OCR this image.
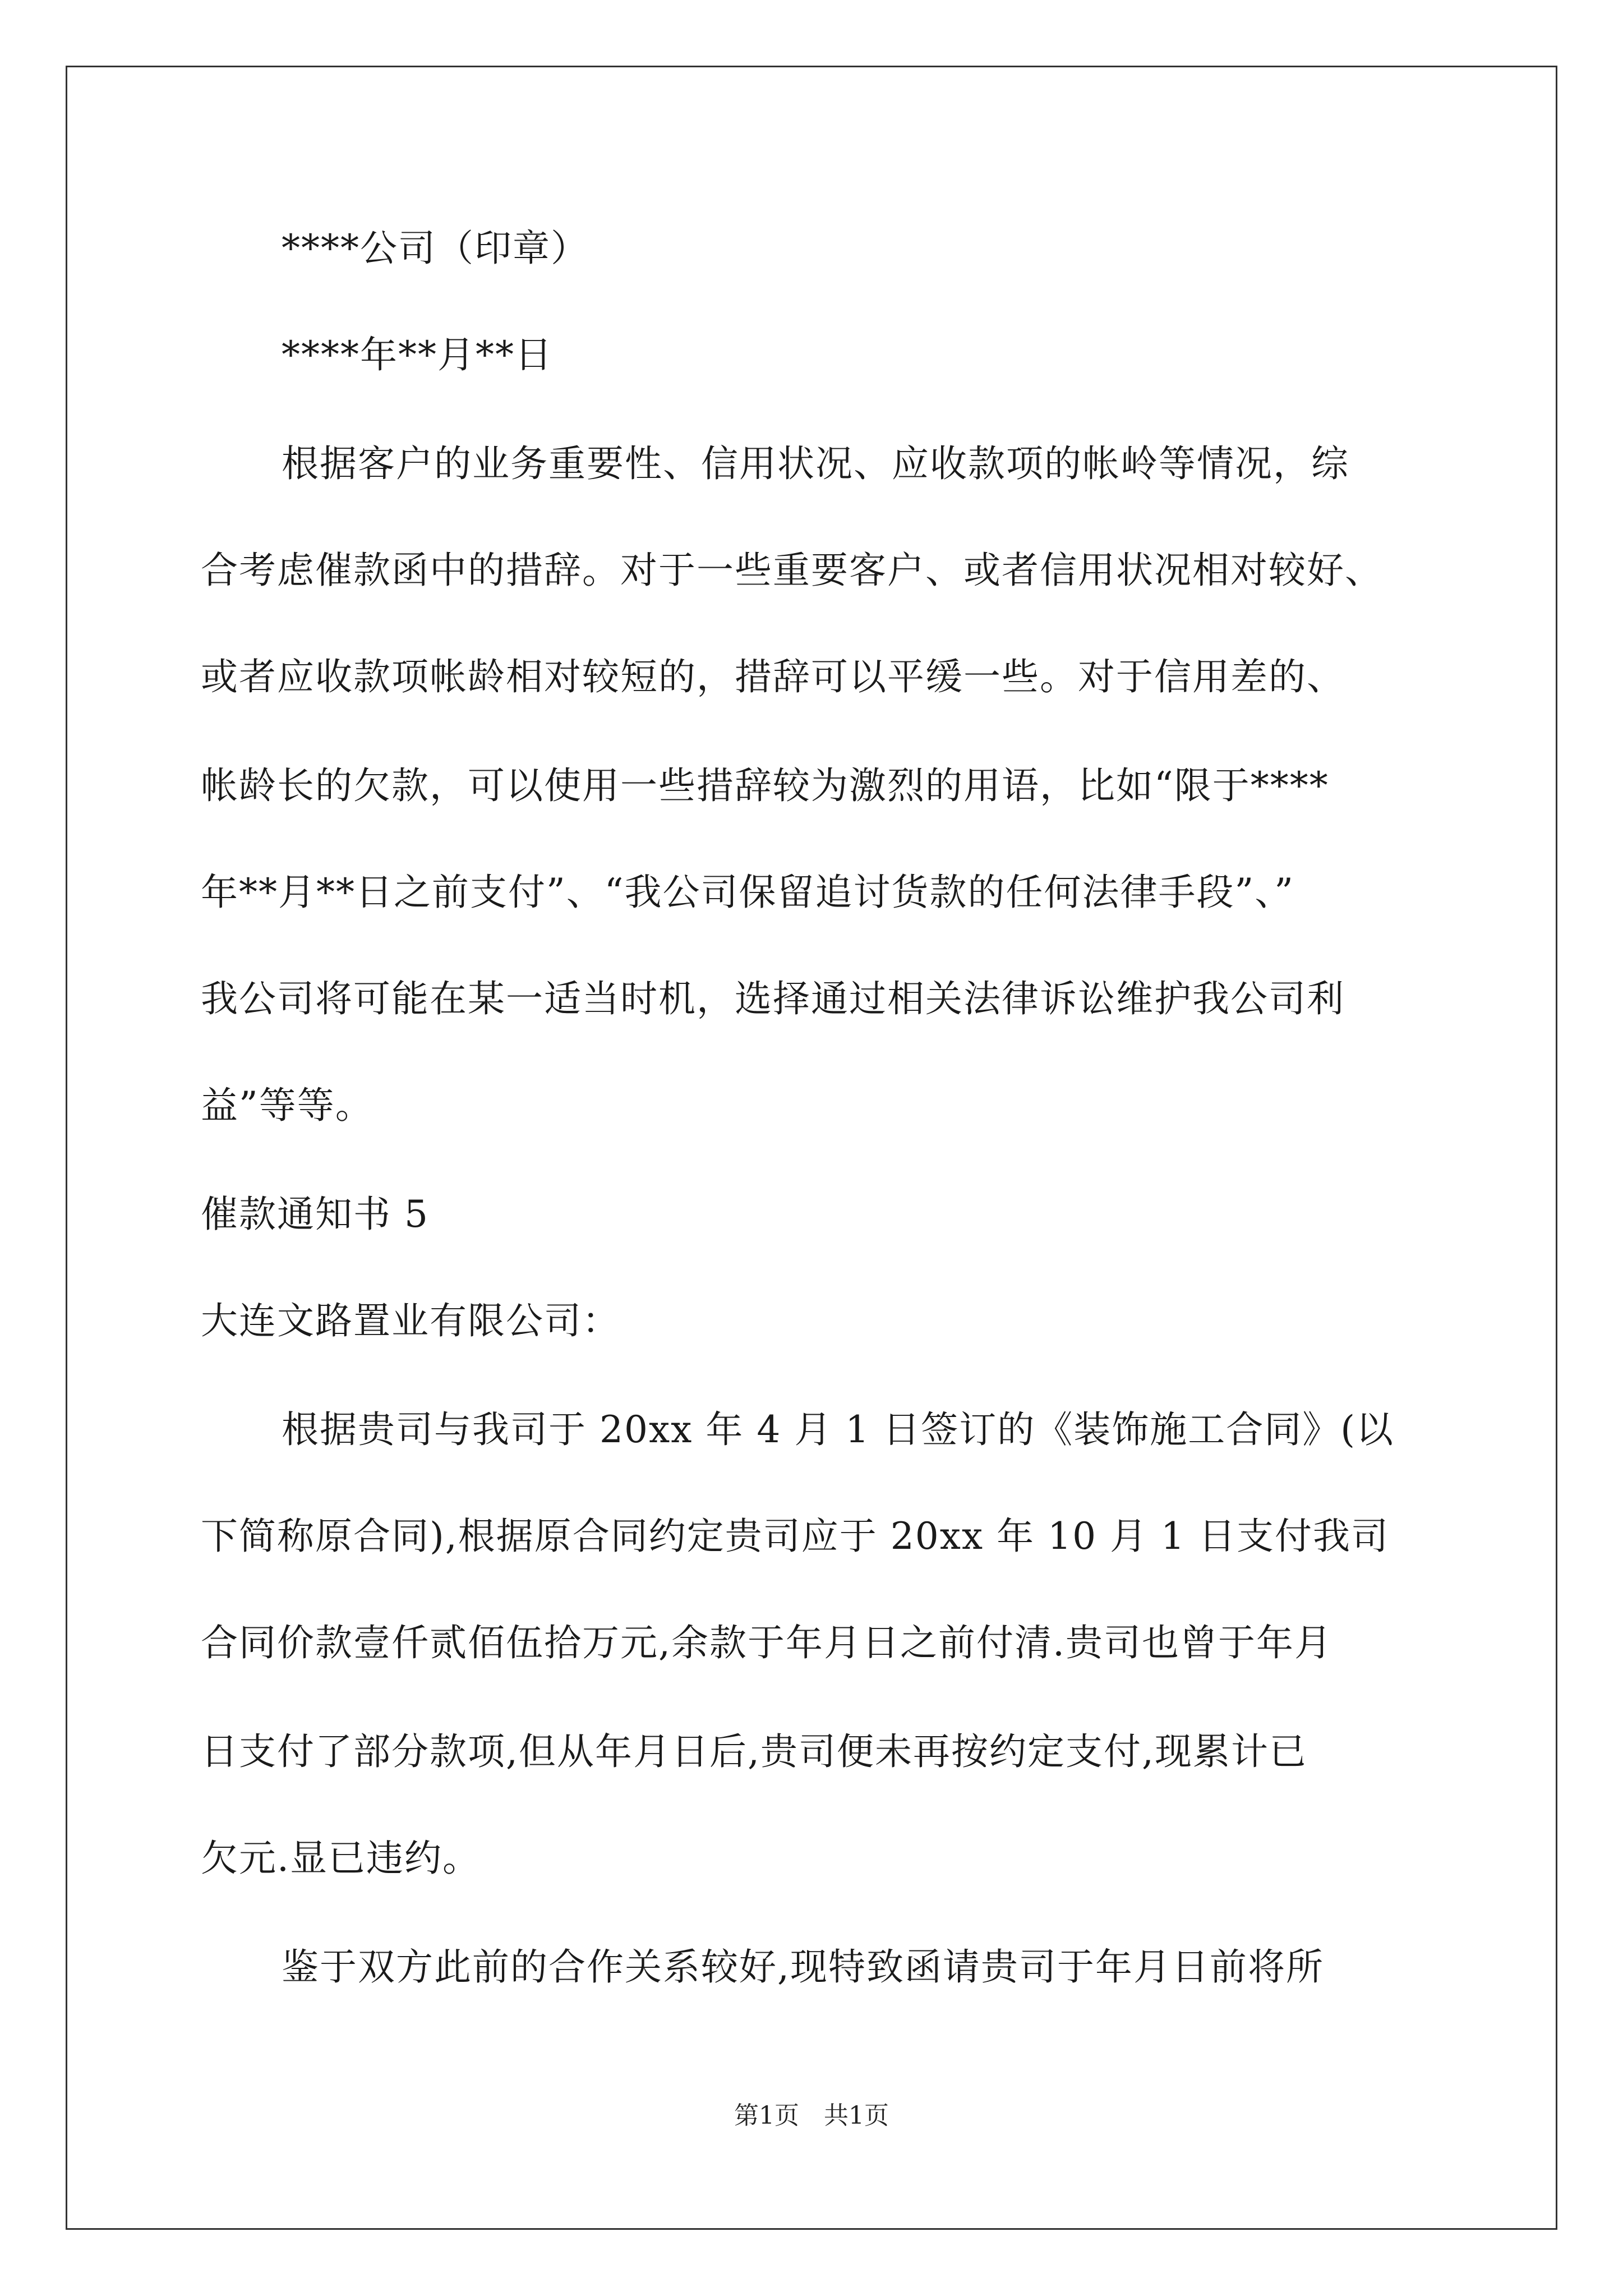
****公司（印章）
****年**月**日
根据客户的业务重要性、信用状况、应收款项的帐岭等情况，综
合考虑催款函中的措辞。对于一些重要客户、或者信用状况相对较好、
或者应收款项帐龄相对较短的，措辞可以平缓一些。对于信用差的、
帐龄长的欠款，可以使用一些措辞较为激烈的用语，比如“限于****
年**月**日之前支付”、“我公司保留追讨货款的任何法律手段”、”
我公司将可能在某一适当时机，选择通过相关法律诉讼维护我公司利
益”等等。
催款通知书 5
大连文路置业有限公司：
根据贵司与我司于 20xx 年 4 月 1 日签订的《装饰施工合同》(以
下简称原合同),根据原合同约定贵司应于 20xx 年 10 月 1 日支付我司
合同价款壹仟贰佰伍拾万元,余款于年月日之前付清.贵司也曾于年月
日支付了部分款项,但从年月日后,贵司便未再按约定支付,现累计已
欠元.显已违约。
鉴于双方此前的合作关系较好,现特致函请贵司于年月日前将所
第1页　共1页
